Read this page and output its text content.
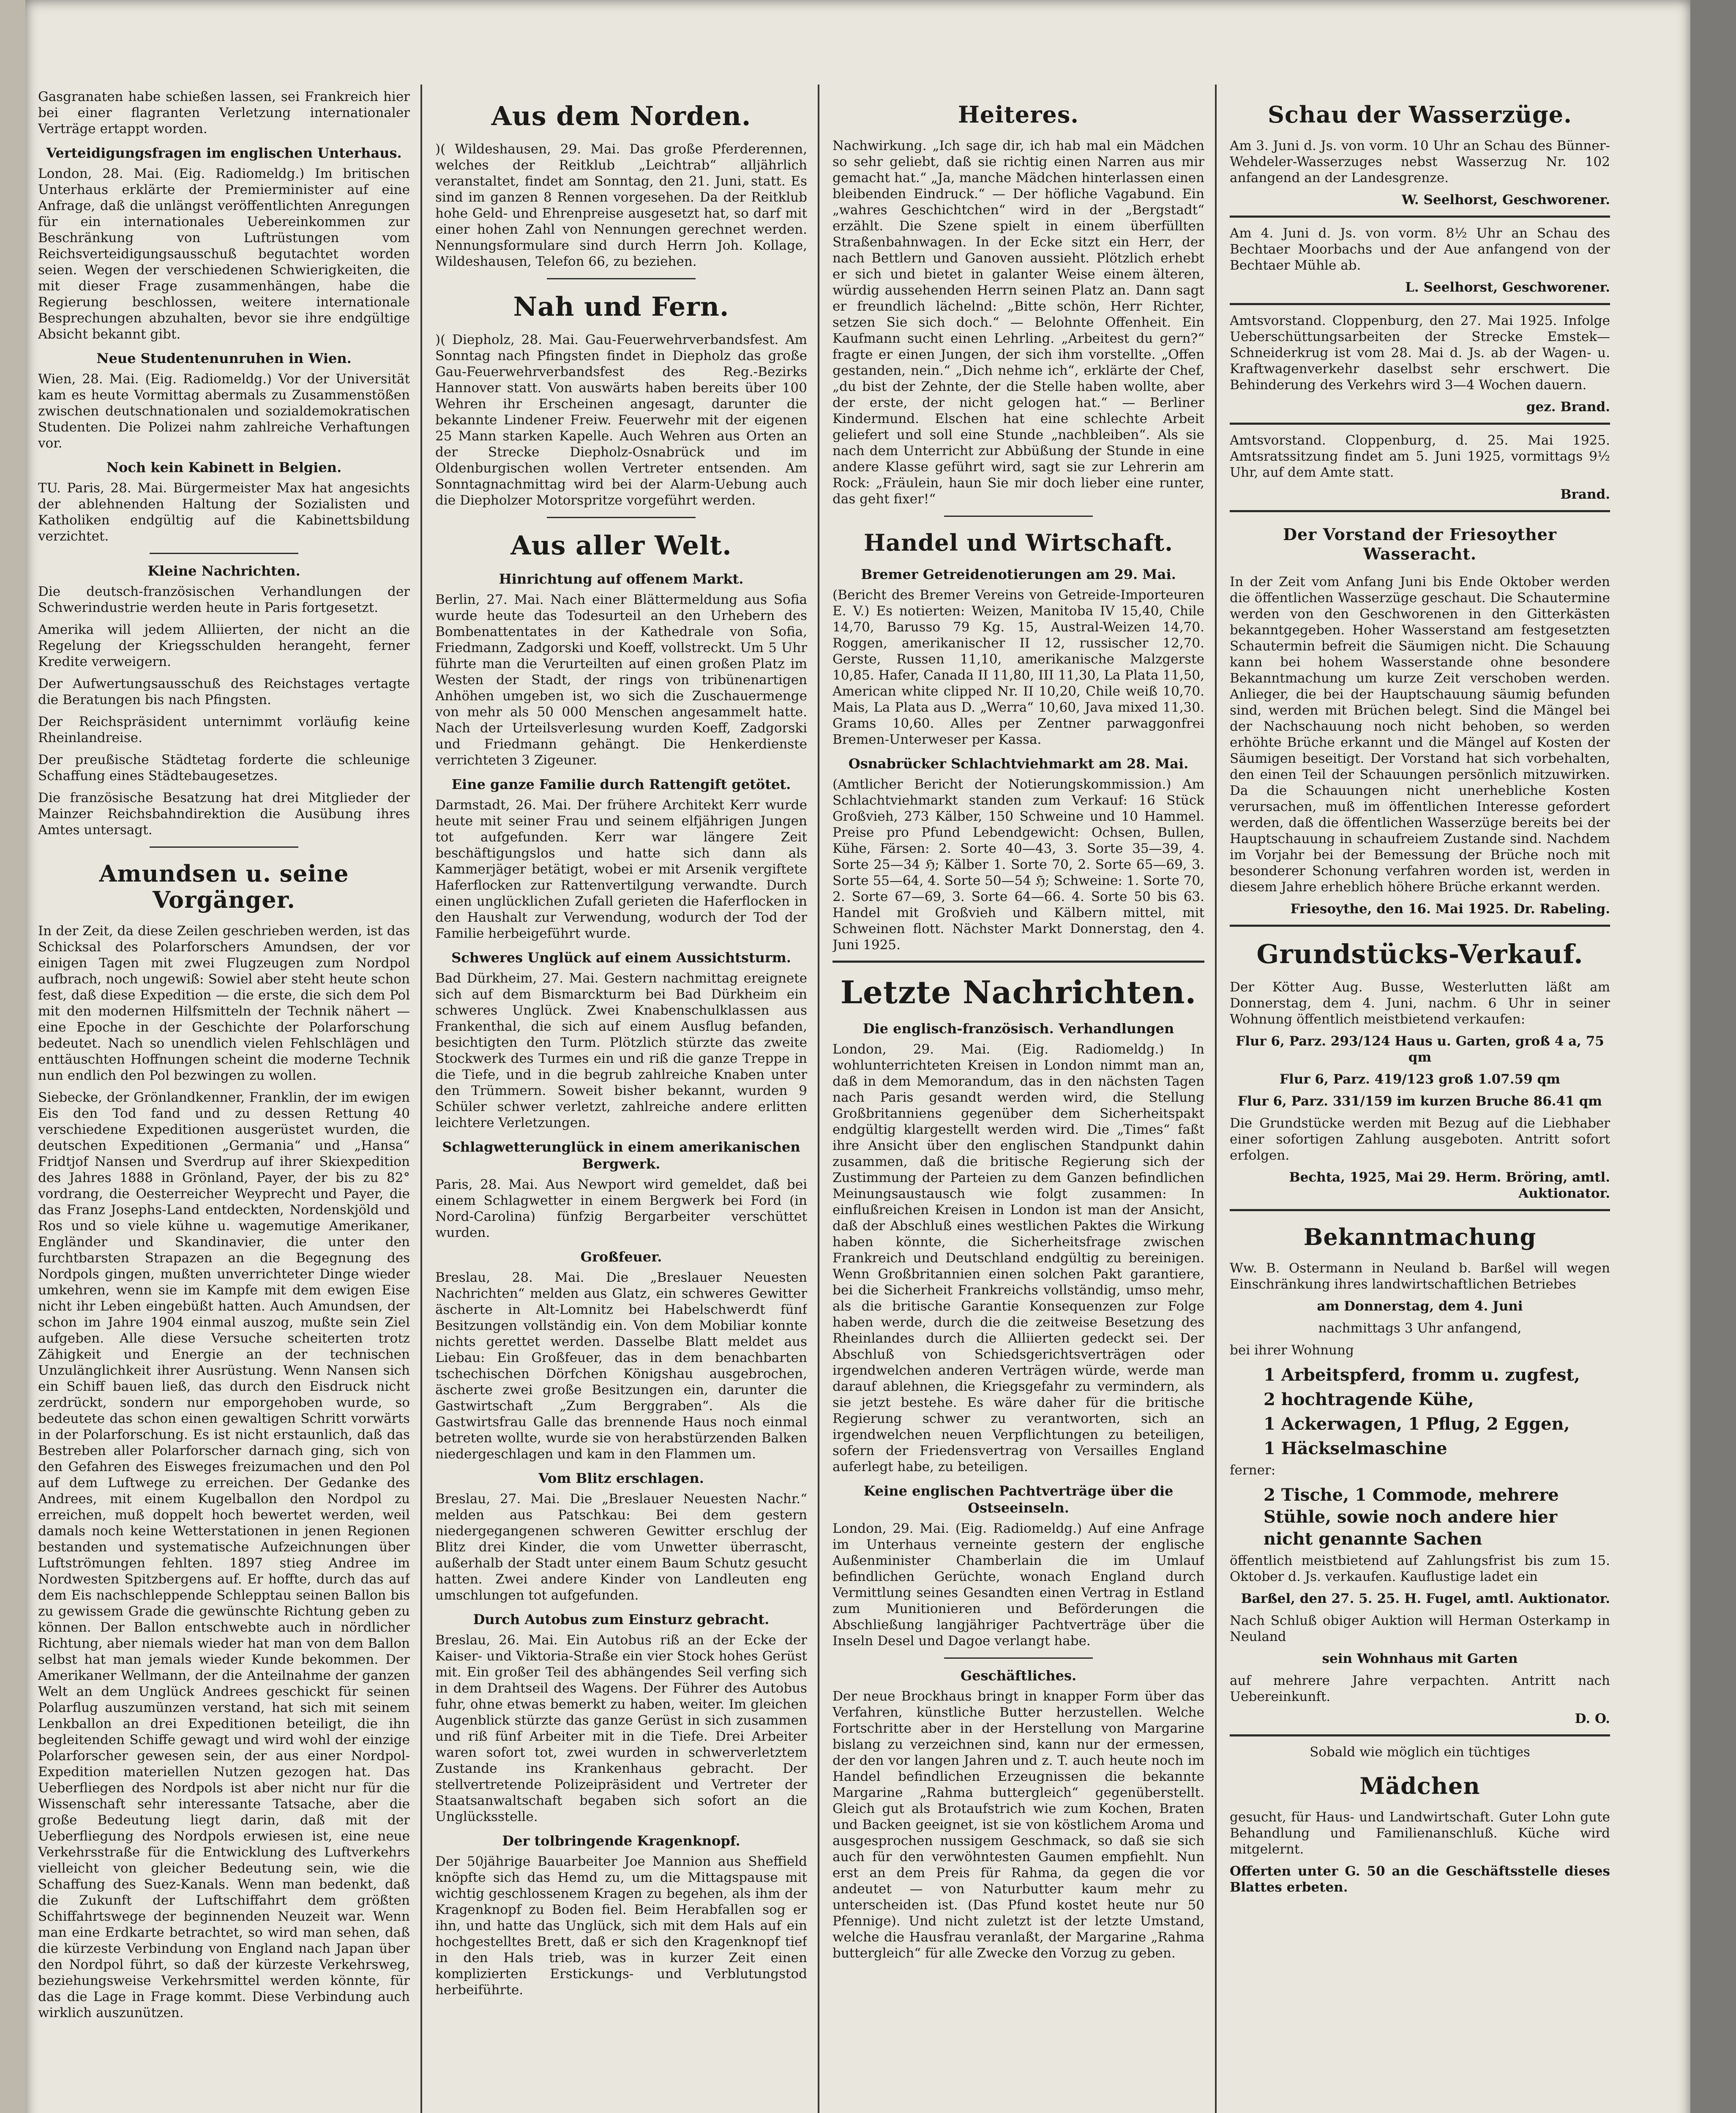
Gasgranaten habe schießen lassen, sei Frankreich hier bei einer flagranten Verletzung internationaler Verträge ertappt worden.

Verteidigungsfragen im englischen Unterhaus.

London, 28. Mai. (Eig. Radiomeldg.) Im britischen Unterhaus erklärte der Premierminister auf eine Anfrage, daß die unlängst veröffentlichten Anregungen für ein internationales Uebereinkommen zur Beschränkung von Luftrüstungen vom Reichsverteidigungsausschuß begutachtet worden seien. Wegen der verschiedenen Schwierigkeiten, die mit dieser Frage zusammenhängen, habe die Regierung beschlossen, weitere internationale Besprechungen abzuhalten, bevor sie ihre endgültige Absicht bekannt gibt.

Neue Studentenunruhen in Wien.

Wien, 28. Mai. (Eig. Radiomeldg.) Vor der Universität kam es heute Vormittag abermals zu Zusammenstößen zwischen deutschnationalen und sozialdemokratischen Studenten. Die Polizei nahm zahlreiche Verhaftungen vor.

Noch kein Kabinett in Belgien.

TU. Paris, 28. Mai. Bürgermeister Max hat angesichts der ablehnenden Haltung der Sozialisten und Katholiken endgültig auf die Kabinettsbildung verzichtet.

Kleine Nachrichten.

Die deutsch-französischen Verhandlungen der Schwerindustrie werden heute in Paris fortgesetzt.

Amerika will jedem Alliierten, der nicht an die Regelung der Kriegsschulden herangeht, ferner Kredite verweigern.

Der Aufwertungsausschuß des Reichstages vertagte die Beratungen bis nach Pfingsten.

Der Reichspräsident unternimmt vorläufig keine Rheinlandreise.

Der preußische Städtetag forderte die schleunige Schaffung eines Städtebaugesetzes.

Die französische Besatzung hat drei Mitglieder der Mainzer Reichsbahndirektion die Ausübung ihres Amtes untersagt.

Amundsen u. seine Vorgänger.

In der Zeit, da diese Zeilen geschrieben werden, ist das Schicksal des Polarforschers Amundsen, der vor einigen Tagen mit zwei Flugzeugen zum Nordpol aufbrach, noch ungewiß: Sowiel aber steht heute schon fest, daß diese Expedition — die erste, die sich dem Pol mit den modernen Hilfsmitteln der Technik nähert — eine Epoche in der Geschichte der Polarforschung bedeutet. Nach so unendlich vielen Fehlschlägen und enttäuschten Hoffnungen scheint die moderne Technik nun endlich den Pol bezwingen zu wollen.

Siebecke, der Grönlandkenner, Franklin, der im ewigen Eis den Tod fand und zu dessen Rettung 40 verschiedene Expeditionen ausgerüstet wurden, die deutschen Expeditionen „Germania“ und „Hansa“ Fridtjof Nansen und Sverdrup auf ihrer Skiexpedition des Jahres 1888 in Grönland, Payer, der bis zu 82° vordrang, die Oesterreicher Weyprecht und Payer, die das Franz Josephs-Land entdeckten, Nordenskjöld und Ros und so viele kühne u. wagemutige Amerikaner, Engländer und Skandinavier, die unter den furchtbarsten Strapazen an die Begegnung des Nordpols gingen, mußten unverrichteter Dinge wieder umkehren, wenn sie im Kampfe mit dem ewigen Eise nicht ihr Leben eingebüßt hatten. Auch Amundsen, der schon im Jahre 1904 einmal auszog, mußte sein Ziel aufgeben. Alle diese Versuche scheiterten trotz Zähigkeit und Energie an der technischen Unzulänglichkeit ihrer Ausrüstung. Wenn Nansen sich ein Schiff bauen ließ, das durch den Eisdruck nicht zerdrückt, sondern nur emporgehoben wurde, so bedeutete das schon einen gewaltigen Schritt vorwärts in der Polarforschung. Es ist nicht erstaunlich, daß das Bestreben aller Polarforscher darnach ging, sich von den Gefahren des Eisweges freizumachen und den Pol auf dem Luftwege zu erreichen. Der Gedanke des Andrees, mit einem Kugelballon den Nordpol zu erreichen, muß doppelt hoch bewertet werden, weil damals noch keine Wetterstationen in jenen Regionen bestanden und systematische Aufzeichnungen über Luftströmungen fehlten. 1897 stieg Andree im Nordwesten Spitzbergens auf. Er hoffte, durch das auf dem Eis nachschleppende Schlepptau seinen Ballon bis zu gewissem Grade die gewünschte Richtung geben zu können. Der Ballon entschwebte auch in nördlicher Richtung, aber niemals wieder hat man von dem Ballon selbst hat man jemals wieder Kunde bekommen. Der Amerikaner Wellmann, der die Anteilnahme der ganzen Welt an dem Unglück Andrees geschickt für seinen Polarflug auszumünzen verstand, hat sich mit seinem Lenkballon an drei Expeditionen beteiligt, die ihn begleitenden Schiffe gewagt und wird wohl der einzige Polarforscher gewesen sein, der aus einer Nordpol-Expedition materiellen Nutzen gezogen hat. Das Ueberfliegen des Nordpols ist aber nicht nur für die Wissenschaft sehr interessante Tatsache, aber die große Bedeutung liegt darin, daß mit der Ueberfliegung des Nordpols erwiesen ist, eine neue Verkehrsstraße für die Entwicklung des Luftverkehrs vielleicht von gleicher Bedeutung sein, wie die Schaffung des Suez-Kanals. Wenn man bedenkt, daß die Zukunft der Luftschiffahrt dem größten Schiffahrtswege der beginnenden Neuzeit war. Wenn man eine Erdkarte betrachtet, so wird man sehen, daß die kürzeste Verbindung von England nach Japan über den Nordpol führt, so daß der kürzeste Verkehrsweg, beziehungsweise Verkehrsmittel werden könnte, für das die Lage in Frage kommt. Diese Verbindung auch wirklich auszunützen.

Aus dem Norden.

)( Wildeshausen, 29. Mai. Das große Pferderennen, welches der Reitklub „Leichtrab“ alljährlich veranstaltet, findet am Sonntag, den 21. Juni, statt. Es sind im ganzen 8 Rennen vorgesehen. Da der Reitklub hohe Geld- und Ehrenpreise ausgesetzt hat, so darf mit einer hohen Zahl von Nennungen gerechnet werden. Nennungsformulare sind durch Herrn Joh. Kollage, Wildeshausen, Telefon 66, zu beziehen.

Nah und Fern.

)( Diepholz, 28. Mai. Gau-Feuerwehrverbandsfest. Am Sonntag nach Pfingsten findet in Diepholz das große Gau-Feuerwehrverbandsfest des Reg.-Bezirks Hannover statt. Von auswärts haben bereits über 100 Wehren ihr Erscheinen angesagt, darunter die bekannte Lindener Freiw. Feuerwehr mit der eigenen 25 Mann starken Kapelle. Auch Wehren aus Orten an der Strecke Diepholz-Osnabrück und im Oldenburgischen wollen Vertreter entsenden. Am Sonntagnachmittag wird bei der Alarm-Uebung auch die Diepholzer Motorspritze vorgeführt werden.

Aus aller Welt.
Hinrichtung auf offenem Markt.

Berlin, 27. Mai. Nach einer Blättermeldung aus Sofia wurde heute das Todesurteil an den Urhebern des Bombenattentates in der Kathedrale von Sofia, Friedmann, Zadgorski und Koeff, vollstreckt. Um 5 Uhr führte man die Verurteilten auf einen großen Platz im Westen der Stadt, der rings von tribünenartigen Anhöhen umgeben ist, wo sich die Zuschauermenge von mehr als 50 000 Menschen angesammelt hatte. Nach der Urteilsverlesung wurden Koeff, Zadgorski und Friedmann gehängt. Die Henkerdienste verrichteten 3 Zigeuner.

Eine ganze Familie durch Rattengift getötet.

Darmstadt, 26. Mai. Der frühere Architekt Kerr wurde heute mit seiner Frau und seinem elfjährigen Jungen tot aufgefunden. Kerr war längere Zeit beschäftigungslos und hatte sich dann als Kammerjäger betätigt, wobei er mit Arsenik vergiftete Haferflocken zur Rattenvertilgung verwandte. Durch einen unglücklichen Zufall gerieten die Haferflocken in den Haushalt zur Verwendung, wodurch der Tod der Familie herbeigeführt wurde.

Schweres Unglück auf einem Aussichtsturm.

Bad Dürkheim, 27. Mai. Gestern nachmittag ereignete sich auf dem Bismarckturm bei Bad Dürkheim ein schweres Unglück. Zwei Knabenschulklassen aus Frankenthal, die sich auf einem Ausflug befanden, besichtigten den Turm. Plötzlich stürzte das zweite Stockwerk des Turmes ein und riß die ganze Treppe in die Tiefe, und in die begrub zahlreiche Knaben unter den Trümmern. Soweit bisher bekannt, wurden 9 Schüler schwer verletzt, zahlreiche andere erlitten leichtere Verletzungen.

Schlagwetterunglück in einem amerikanischen Bergwerk.

Paris, 28. Mai. Aus Newport wird gemeldet, daß bei einem Schlagwetter in einem Bergwerk bei Ford (in Nord-Carolina) fünfzig Bergarbeiter verschüttet wurden.

Großfeuer.

Breslau, 28. Mai. Die „Breslauer Neuesten Nachrichten“ melden aus Glatz, ein schweres Gewitter äscherte in Alt-Lomnitz bei Habelschwerdt fünf Besitzungen vollständig ein. Von dem Mobiliar konnte nichts gerettet werden. Dasselbe Blatt meldet aus Liebau: Ein Großfeuer, das in dem benachbarten tschechischen Dörfchen Königshau ausgebrochen, äscherte zwei große Besitzungen ein, darunter die Gastwirtschaft „Zum Berggraben“. Als die Gastwirtsfrau Galle das brennende Haus noch einmal betreten wollte, wurde sie von herabstürzenden Balken niedergeschlagen und kam in den Flammen um.

Vom Blitz erschlagen.

Breslau, 27. Mai. Die „Breslauer Neuesten Nachr.“ melden aus Patschkau: Bei dem gestern niedergegangenen schweren Gewitter erschlug der Blitz drei Kinder, die vom Unwetter überrascht, außerhalb der Stadt unter einem Baum Schutz gesucht hatten. Zwei andere Kinder von Landleuten eng umschlungen tot aufgefunden.

Durch Autobus zum Einsturz gebracht.

Breslau, 26. Mai. Ein Autobus riß an der Ecke der Kaiser- und Viktoria-Straße ein vier Stock hohes Gerüst mit. Ein großer Teil des abhängendes Seil verfing sich in dem Drahtseil des Wagens. Der Führer des Autobus fuhr, ohne etwas bemerkt zu haben, weiter. Im gleichen Augenblick stürzte das ganze Gerüst in sich zusammen und riß fünf Arbeiter mit in die Tiefe. Drei Arbeiter waren sofort tot, zwei wurden in schwerverletztem Zustande ins Krankenhaus gebracht. Der stellvertretende Polizeipräsident und Vertreter der Staatsanwaltschaft begaben sich sofort an die Unglücksstelle.

Der tolbringende Kragenknopf.

Der 50jährige Bauarbeiter Joe Mannion aus Sheffield knöpfte sich das Hemd zu, um die Mittagspause mit wichtig geschlossenem Kragen zu begehen, als ihm der Kragenknopf zu Boden fiel. Beim Herabfallen sog er ihn, und hatte das Unglück, sich mit dem Hals auf ein hochgestelltes Brett, daß er sich den Kragenknopf tief in den Hals trieb, was in kurzer Zeit einen komplizierten Erstickungs- und Verblutungstod herbeiführte.

Heiteres.

Nachwirkung. „Ich sage dir, ich hab mal ein Mädchen so sehr geliebt, daß sie richtig einen Narren aus mir gemacht hat.“ „Ja, manche Mädchen hinterlassen einen bleibenden Eindruck.“ — Der höfliche Vagabund. Ein „wahres Geschichtchen“ wird in der „Bergstadt“ erzählt. Die Szene spielt in einem überfüllten Straßenbahnwagen. In der Ecke sitzt ein Herr, der nach Bettlern und Ganoven aussieht. Plötzlich erhebt er sich und bietet in galanter Weise einem älteren, würdig aussehenden Herrn seinen Platz an. Dann sagt er freundlich lächelnd: „Bitte schön, Herr Richter, setzen Sie sich doch.“ — Belohnte Offenheit. Ein Kaufmann sucht einen Lehrling. „Arbeitest du gern?“ fragte er einen Jungen, der sich ihm vorstellte. „Offen gestanden, nein.“ „Dich nehme ich“, erklärte der Chef, „du bist der Zehnte, der die Stelle haben wollte, aber der erste, der nicht gelogen hat.“ — Berliner Kindermund. Elschen hat eine schlechte Arbeit geliefert und soll eine Stunde „nachbleiben“. Als sie nach dem Unterricht zur Abbüßung der Stunde in eine andere Klasse geführt wird, sagt sie zur Lehrerin am Rock: „Fräulein, haun Sie mir doch lieber eine runter, das geht fixer!“

Handel und Wirtschaft.
Bremer Getreidenotierungen am 29. Mai.

(Bericht des Bremer Vereins von Getreide-Importeuren E. V.) Es notierten: Weizen, Manitoba IV 15,40, Chile 14,70, Barusso 79 Kg. 15, Austral-Weizen 14,70. Roggen, amerikanischer II 12, russischer 12,70. Gerste, Russen 11,10, amerikanische Malzgerste 10,85. Hafer, Canada II 11,80, III 11,30, La Plata 11,50, American white clipped Nr. II 10,20, Chile weiß 10,70. Mais, La Plata aus D. „Werra“ 10,60, Java mixed 11,30. Grams 10,60. Alles per Zentner parwaggonfrei Bremen-Unterweser per Kassa.

Osnabrücker Schlachtviehmarkt am 28. Mai.

(Amtlicher Bericht der Notierungskommission.) Am Schlachtviehmarkt standen zum Verkauf: 16 Stück Großvieh, 273 Kälber, 150 Schweine und 10 Hammel. Preise pro Pfund Lebendgewicht: Ochsen, Bullen, Kühe, Färsen: 2. Sorte 40—43, 3. Sorte 35—39, 4. Sorte 25—34 ℌ; Kälber 1. Sorte 70, 2. Sorte 65—69, 3. Sorte 55—64, 4. Sorte 50—54 ℌ; Schweine: 1. Sorte 70, 2. Sorte 67—69, 3. Sorte 64—66. 4. Sorte 50 bis 63. Handel mit Großvieh und Kälbern mittel, mit Schweinen flott. Nächster Markt Donnerstag, den 4. Juni 1925.

Letzte Nachrichten.
Die englisch-französisch. Verhandlungen

London, 29. Mai. (Eig. Radiomeldg.) In wohlunterrichteten Kreisen in London nimmt man an, daß in dem Memorandum, das in den nächsten Tagen nach Paris gesandt werden wird, die Stellung Großbritanniens gegenüber dem Sicherheitspakt endgültig klargestellt werden wird. Die „Times“ faßt ihre Ansicht über den englischen Standpunkt dahin zusammen, daß die britische Regierung sich der Zustimmung der Parteien zu dem Ganzen befindlichen Meinungsaustausch wie folgt zusammen: In einflußreichen Kreisen in London ist man der Ansicht, daß der Abschluß eines westlichen Paktes die Wirkung haben könnte, die Sicherheitsfrage zwischen Frankreich und Deutschland endgültig zu bereinigen. Wenn Großbritannien einen solchen Pakt garantiere, bei die Sicherheit Frankreichs vollständig, umso mehr, als die britische Garantie Konsequenzen zur Folge haben werde, durch die die zeitweise Besetzung des Rheinlandes durch die Alliierten gedeckt sei. Der Abschluß von Schiedsgerichtsverträgen oder irgendwelchen anderen Verträgen würde, werde man darauf ablehnen, die Kriegsgefahr zu vermindern, als sie jetzt bestehe. Es wäre daher für die britische Regierung schwer zu verantworten, sich an irgendwelchen neuen Verpflichtungen zu beteiligen, sofern der Friedensvertrag von Versailles England auferlegt habe, zu beteiligen.

Keine englischen Pachtverträge über die Ostseeinseln.

London, 29. Mai. (Eig. Radiomeldg.) Auf eine Anfrage im Unterhaus verneinte gestern der englische Außenminister Chamberlain die im Umlauf befindlichen Gerüchte, wonach England durch Vermittlung seines Gesandten einen Vertrag in Estland zum Munitionieren und Beförderungen die Abschließung langjähriger Pachtverträge über die Inseln Desel und Dagoe verlangt habe.

Geschäftliches.

Der neue Brockhaus bringt in knapper Form über das Verfahren, künstliche Butter herzustellen. Welche Fortschritte aber in der Herstellung von Margarine bislang zu verzeichnen sind, kann nur der ermessen, der den vor langen Jahren und z. T. auch heute noch im Handel befindlichen Erzeugnissen die bekannte Margarine „Rahma buttergleich“ gegenüberstellt. Gleich gut als Brotaufstrich wie zum Kochen, Braten und Backen geeignet, ist sie von köstlichem Aroma und ausgesprochen nussigem Geschmack, so daß sie sich auch für den verwöhntesten Gaumen empfiehlt. Nun erst an dem Preis für Rahma, da gegen die vor andeutet — von Naturbutter kaum mehr zu unterscheiden ist. (Das Pfund kostet heute nur 50 Pfennige). Und nicht zuletzt ist der letzte Umstand, welche die Hausfrau veranlaßt, der Margarine „Rahma buttergleich“ für alle Zwecke den Vorzug zu geben.

Schau der Wasserzüge.

Am 3. Juni d. Js. von vorm. 10 Uhr an Schau des Bünner-Wehdeler-Wasserzuges nebst Wasserzug Nr. 102 anfangend an der Landesgrenze.

W. Seelhorst, Geschworener.

Am 4. Juni d. Js. von vorm. 8½ Uhr an Schau des Bechtaer Moorbachs und der Aue anfangend von der Bechtaer Mühle ab.

L. Seelhorst, Geschworener.

Amtsvorstand. Cloppenburg, den 27. Mai 1925. Infolge Ueberschüttungsarbeiten der Strecke Emstek—Schneiderkrug ist vom 28. Mai d. Js. ab der Wagen- u. Kraftwagenverkehr daselbst sehr erschwert. Die Behinderung des Verkehrs wird 3—4 Wochen dauern.

gez. Brand.

Amtsvorstand. Cloppenburg, d. 25. Mai 1925. Amtsratssitzung findet am 5. Juni 1925, vormittags 9½ Uhr, auf dem Amte statt.

Brand.

Der Vorstand der Friesoyther Wasseracht.

In der Zeit vom Anfang Juni bis Ende Oktober werden die öffentlichen Wasserzüge geschaut. Die Schautermine werden von den Geschworenen in den Gitterkästen bekanntgegeben. Hoher Wasserstand am festgesetzten Schautermin befreit die Säumigen nicht. Die Schauung kann bei hohem Wasserstande ohne besondere Bekanntmachung um kurze Zeit verschoben werden. Anlieger, die bei der Hauptschauung säumig befunden sind, werden mit Brüchen belegt. Sind die Mängel bei der Nachschauung noch nicht behoben, so werden erhöhte Brüche erkannt und die Mängel auf Kosten der Säumigen beseitigt. Der Vorstand hat sich vorbehalten, den einen Teil der Schauungen persönlich mitzuwirken. Da die Schauungen nicht unerhebliche Kosten verursachen, muß im öffentlichen Interesse gefordert werden, daß die öffentlichen Wasserzüge bereits bei der Hauptschauung in schaufreiem Zustande sind. Nachdem im Vorjahr bei der Bemessung der Brüche noch mit besonderer Schonung verfahren worden ist, werden in diesem Jahre erheblich höhere Brüche erkannt werden.

Friesoythe, den 16. Mai 1925. Dr. Rabeling.

Grundstücks-Verkauf.

Der Kötter Aug. Busse, Westerlutten läßt am Donnerstag, dem 4. Juni, nachm. 6 Uhr in seiner Wohnung öffentlich meistbietend verkaufen:

Flur 6, Parz. 293/124 Haus u. Garten, groß 4 a, 75 qm

Flur 6, Parz. 419/123 groß 1.07.59 qm

Flur 6, Parz. 331/159 im kurzen Bruche 86.41 qm

Die Grundstücke werden mit Bezug auf die Liebhaber einer sofortigen Zahlung ausgeboten. Antritt sofort erfolgen.

Bechta, 1925, Mai 29. Herm. Bröring, amtl. Auktionator.

Bekanntmachung

Ww. B. Ostermann in Neuland b. Barßel will wegen Einschränkung ihres landwirtschaftlichen Betriebes

am Donnerstag, dem 4. Juni

nachmittags 3 Uhr anfangend,

bei ihrer Wohnung

1 Arbeitspferd, fromm u. zugfest,
2 hochtragende Kühe,
1 Ackerwagen, 1 Pflug, 2 Eggen,
1 Häckselmaschine

ferner:

2 Tische, 1 Commode, mehrere Stühle, sowie noch andere hier nicht genannte Sachen

öffentlich meistbietend auf Zahlungsfrist bis zum 15. Oktober d. Js. verkaufen. Kauflustige ladet ein

Barßel, den 27. 5. 25. H. Fugel, amtl. Auktionator.

Nach Schluß obiger Auktion will Herman Osterkamp in Neuland

sein Wohnhaus mit Garten

auf mehrere Jahre verpachten. Antritt nach Uebereinkunft.

D. O.

Sobald wie möglich ein tüchtiges

Mädchen

gesucht, für Haus- und Landwirtschaft. Guter Lohn gute Behandlung und Familienanschluß. Küche wird mitgelernt.

Offerten unter G. 50 an die Geschäftsstelle dieses Blattes erbeten.
